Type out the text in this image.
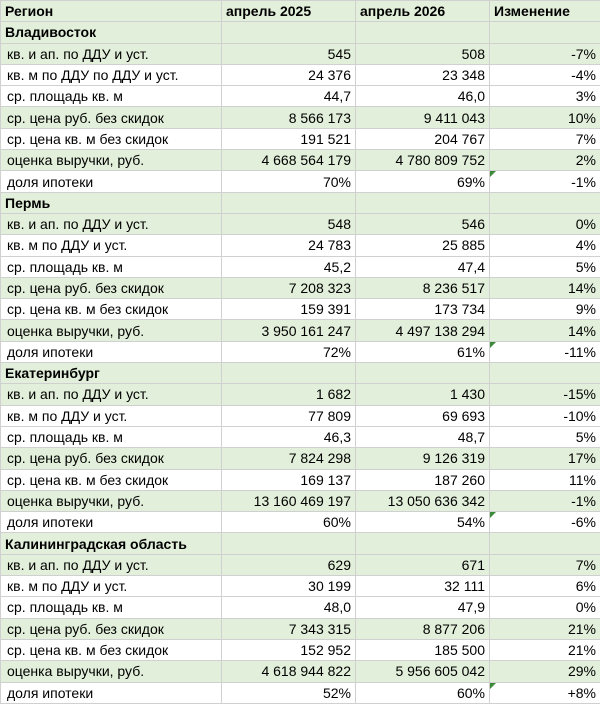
Регион	апрель 2025	апрель 2026	Изменение
Владивосток			
кв. и ап. по ДДУ и уст.	545	508	-7%
кв. м по ДДУ по ДДУ и уст.	24 376	23 348	-4%
ср. площадь кв. м	44,7	46,0	3%
ср. цена руб. без скидок	8 566 173	9 411 043	10%
ср. цена кв. м без скидок	191 521	204 767	7%
оценка выручки, руб.	4 668 564 179	4 780 809 752	2%
доля ипотеки	70%	69%	-1%
Пермь			
кв. и ап. по ДДУ и уст.	548	546	0%
кв. м по ДДУ и уст.	24 783	25 885	4%
ср. площадь кв. м	45,2	47,4	5%
ср. цена руб. без скидок	7 208 323	8 236 517	14%
ср. цена кв. м без скидок	159 391	173 734	9%
оценка выручки, руб.	3 950 161 247	4 497 138 294	14%
доля ипотеки	72%	61%	-11%
Екатеринбург			
кв. и ап. по ДДУ и уст.	1 682	1 430	-15%
кв. м по ДДУ и уст.	77 809	69 693	-10%
ср. площадь кв. м	46,3	48,7	5%
ср. цена руб. без скидок	7 824 298	9 126 319	17%
ср. цена кв. м без скидок	169 137	187 260	11%
оценка выручки, руб.	13 160 469 197	13 050 636 342	-1%
доля ипотеки	60%	54%	-6%
Калининградская область			
кв. и ап. по ДДУ и уст.	629	671	7%
кв. м по ДДУ и уст.	30 199	32 111	6%
ср. площадь кв. м	48,0	47,9	0%
ср. цена руб. без скидок	7 343 315	8 877 206	21%
ср. цена кв. м без скидок	152 952	185 500	21%
оценка выручки, руб.	4 618 944 822	5 956 605 042	29%
доля ипотеки	52%	60%	+8%
